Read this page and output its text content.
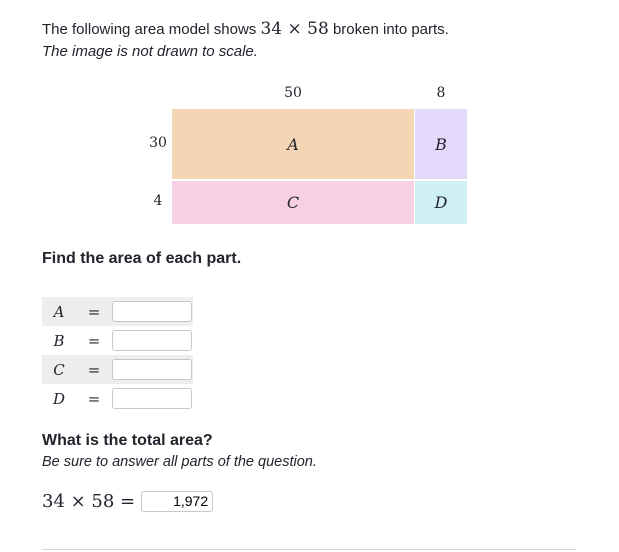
The following area model shows 34 × 58 broken into parts.
The image is not drawn to scale.
50	8
30
4
A	B
C	D
Find the area of each part.
A	=
B	=
C	=
D	=
What is the total area?
Be sure to answer all parts of the question.
34 × 58 =
1,972
